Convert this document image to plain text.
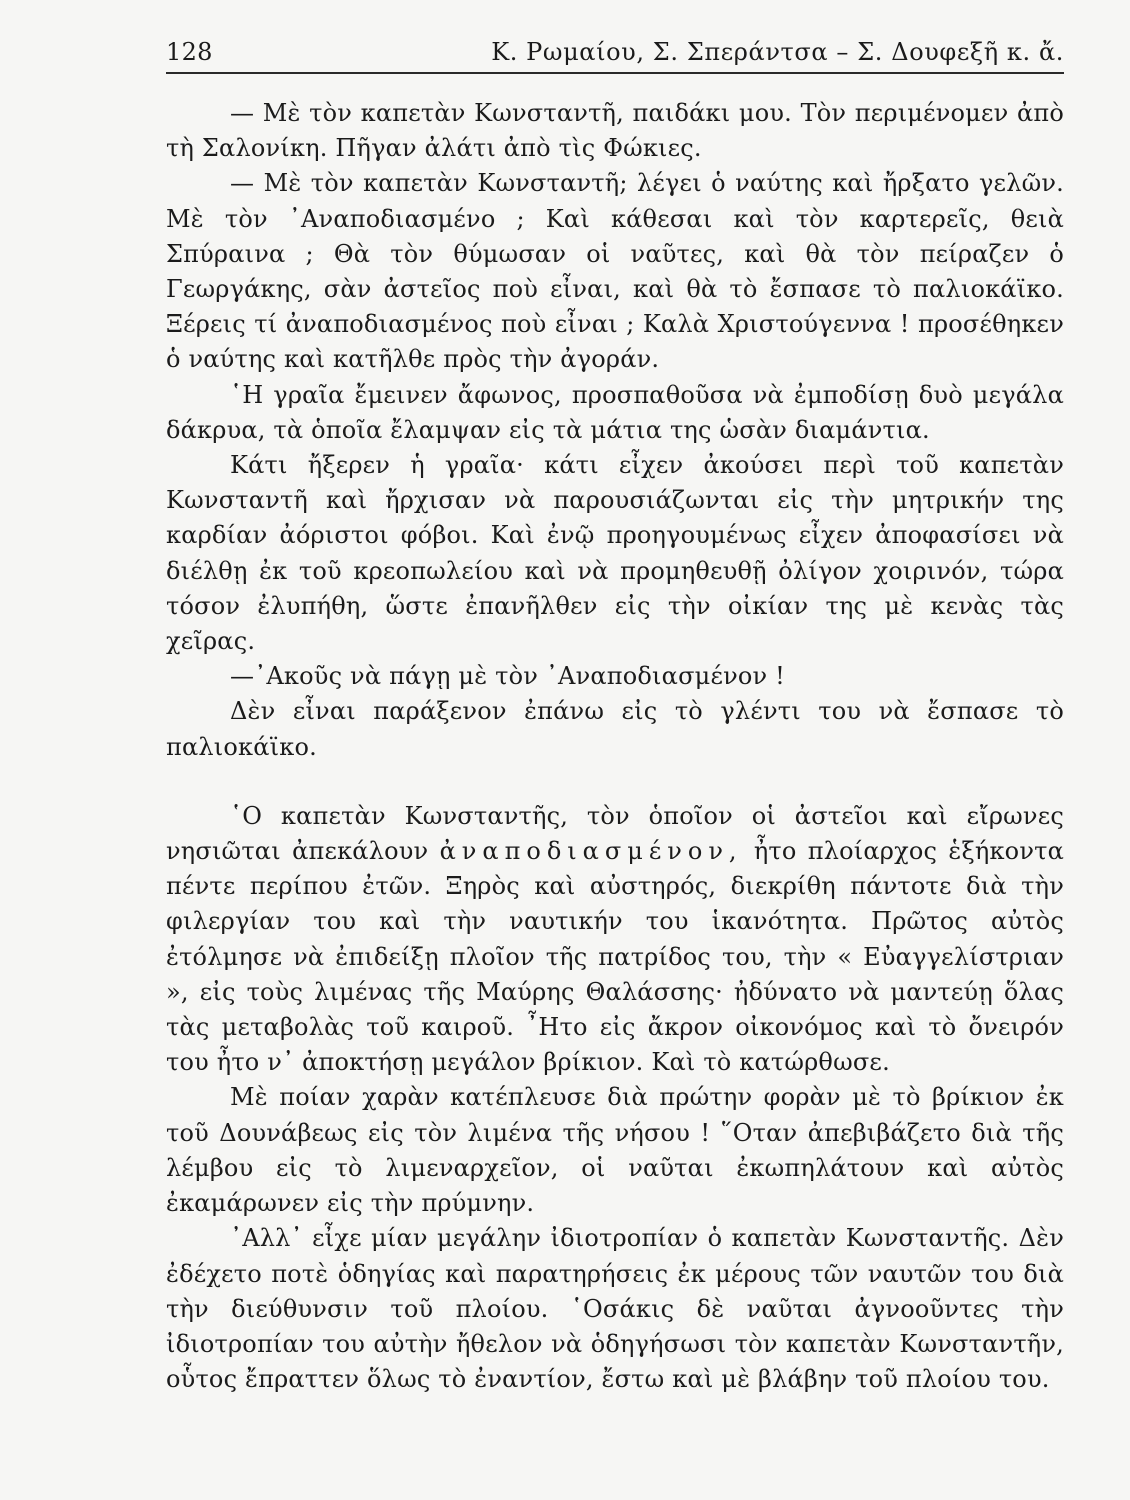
128	Κ. Ρωμαίου, Σ. Σπεράντσα – Σ. Δουφεξῆ κ. ἄ.

— Μὲ τὸν καπετὰν Κωνσταντῆ, παιδάκι μου. Τὸν περιμένομεν ἀπὸ τὴ Σαλονίκη. Πῆγαν ἀλάτι ἀπὸ τὶς Φώκιες.

— Μὲ τὸν καπετὰν Κωνσταντῆ; λέγει ὁ ναύτης καὶ ἤρξατο γελῶν. Μὲ τὸν ᾿Αναποδιασμένο ; Καὶ κάθεσαι καὶ τὸν καρτερεῖς, θειὰ Σπύραινα ; Θὰ τὸν θύμωσαν οἱ ναῦτες, καὶ θὰ τὸν πείραζεν ὁ Γεωργάκης, σὰν ἀστεῖος ποὺ εἶναι, καὶ θὰ τὸ ἔσπασε τὸ παλιοκάϊκο. Ξέρεις τί ἀναποδιασμένος ποὺ εἶναι ; Καλὰ Χριστούγεννα ! προσέθηκεν ὁ ναύτης καὶ κατῆλθε πρὸς τὴν ἀγοράν.

῾Η γραῖα ἔμεινεν ἄφωνος, προσπαθοῦσα νὰ ἐμποδίσῃ δυὸ μεγάλα δάκρυα, τὰ ὁποῖα ἔλαμψαν εἰς τὰ μάτια της ὡσὰν διαμάντια.

Κάτι ἤξερεν ἡ γραῖα· κάτι εἶχεν ἀκούσει περὶ τοῦ καπετὰν Κωνσταντῆ καὶ ἤρχισαν νὰ παρουσιάζωνται εἰς τὴν μητρικήν της καρδίαν ἀόριστοι φόβοι. Καὶ ἐνῷ προηγουμένως εἶχεν ἀποφασίσει νὰ διέλθῃ ἐκ τοῦ κρεοπωλείου καὶ νὰ προμηθευθῇ ὀλίγον χοιρινόν, τώρα τόσον ἐλυπήθη, ὥστε ἐπανῆλθεν εἰς τὴν οἰκίαν της μὲ κενὰς τὰς χεῖρας.

—᾿Ακοῦς νὰ πάγῃ μὲ τὸν ᾿Αναποδιασμένον !

Δὲν εἶναι παράξενον ἐπάνω εἰς τὸ γλέντι του νὰ ἔσπασε τὸ παλιοκάϊκο.

῾Ο καπετὰν Κωνσταντῆς, τὸν ὁποῖον οἱ ἀστεῖοι καὶ εἴρωνες νησιῶται ἀπεκάλουν ἀναποδιασμένον, ἦτο πλοίαρχος ἑξήκοντα πέντε περίπου ἐτῶν. Ξηρὸς καὶ αὐστηρός, διεκρίθη πάντοτε διὰ τὴν φιλεργίαν του καὶ τὴν ναυτικήν του ἱκανότητα. Πρῶτος αὐτὸς ἐτόλμησε νὰ ἐπιδείξῃ πλοῖον τῆς πατρίδος του, τὴν « Εὐαγγελίστριαν », εἰς τοὺς λιμένας τῆς Μαύρης Θαλάσσης· ἠδύνατο νὰ μαντεύῃ ὅλας τὰς μεταβολὰς τοῦ καιροῦ. ῏Ητο εἰς ἄκρον οἰκονόμος καὶ τὸ ὄνειρόν του ἦτο ν᾿ ἀποκτήσῃ μεγάλον βρίκιον. Καὶ τὸ κατώρθωσε.

Μὲ ποίαν χαρὰν κατέπλευσε διὰ πρώτην φορὰν μὲ τὸ βρίκιον ἐκ τοῦ Δουνάβεως εἰς τὸν λιμένα τῆς νήσου ! ῞Οταν ἀπεβιβάζετο διὰ τῆς λέμβου εἰς τὸ λιμεναρχεῖον, οἱ ναῦται ἐκωπηλάτουν καὶ αὐτὸς ἐκαμάρωνεν εἰς τὴν πρύμνην.

᾿Αλλ᾿ εἶχε μίαν μεγάλην ἰδιοτροπίαν ὁ καπετὰν Κωνσταντῆς. Δὲν ἐδέχετο ποτὲ ὁδηγίας καὶ παρατηρήσεις ἐκ μέρους τῶν ναυτῶν του διὰ τὴν διεύθυνσιν τοῦ πλοίου. ῾Οσάκις δὲ ναῦται ἀγνοοῦντες τὴν ἰδιοτροπίαν του αὐτὴν ἤθελον νὰ ὁδηγήσωσι τὸν καπετὰν Κωνσταντῆν, οὗτος ἔπραττεν ὅλως τὸ ἐναντίον, ἔστω καὶ μὲ βλάβην τοῦ πλοίου του.
